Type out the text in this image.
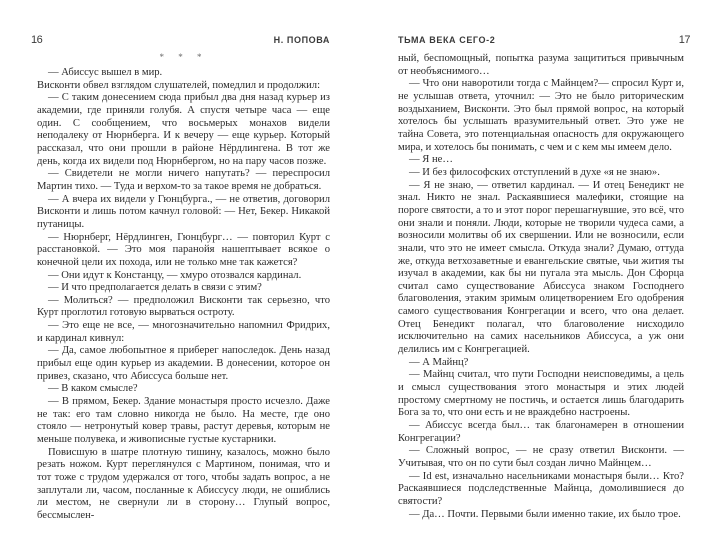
16	Н. ПОПОВА
* * *

— Абиссус вышел в мир.

Висконти обвел взглядом слушателей, помедлил и продолжил:

— С таким донесением сюда прибыл два дня назад курьер из академии, где приняли голубя. А спустя четыре часа — еще один. С сообщением, что восьмерых монахов видели неподалеку от Нюрнберга. И к вечеру — еще курьер. Который рассказал, что они прошли в районе Нёрдлингена. В тот же день, когда их видели под Нюрнбергом, но на пару часов позже.

— Свидетели не могли ничего напутать? — переспросил Мартин тихо. — Туда и верхом-то за такое время не добраться.

— А вчера их видели у Гюнцбурга., — не ответив, договорил Висконти и лишь потом качнул головой: — Нет, Бекер. Никакой путаницы.

— Нюрнберг, Нёрдлинген, Гюнцбург… — повторил Курт с расстановкой. — Это моя паранойя нашептывает всякое о конечной цели их похода, или не только мне так кажется?

— Они идут к Констанцу, — хмуро отозвался кардинал.

— И что предполагается делать в связи с этим?

— Молиться? — предположил Висконти так серьезно, что Курт проглотил готовую вырваться остроту.

— Это еще не все, — многозначительно напомнил Фридрих, и кардинал кивнул:

— Да, самое любопытное я приберег напоследок. День назад прибыл еще один курьер из академии. В донесении, которое он привез, сказано, что Абиссуса больше нет.

— В каком смысле?

— В прямом, Бекер. Здание монастыря просто исчезло. Даже не так: его там словно никогда не было. На месте, где оно стояло — нетронутый ковер травы, растут деревья, которым не меньше полувека, и живописные густые кустарники.

Повисшую в шатре плотную тишину, казалось, можно было резать ножом. Курт переглянулся с Мартином, понимая, что и тот тоже с трудом удержался от того, чтобы задать вопрос, а не заплутали ли, часом, посланные к Абиссусу люди, не ошиблись ли местом, не свернули ли в сторону… Глупый вопрос, бессмыслен-

ТЬМА ВЕКА СЕГО-2	17

ный, беспомощный, попытка разума защититься привычным от необъяснимого…

— Что они наворотили тогда с Майнцем?— спросил Курт и, не услышав ответа, уточнил: — Это не было риторическим воздыханием, Висконти. Это был прямой вопрос, на который хотелось бы услышать вразумительный ответ. Это уже не тайна Совета, это потенциальная опасность для окружающего мира, и хотелось бы понимать, с чем и с кем мы имеем дело.

— Я не…

— И без философских отступлений в духе «я не знаю».

— Я не знаю, — ответил кардинал. — И отец Бенедикт не знал. Никто не знал. Раскаявшиеся малефики, стоящие на пороге святости, а то и этот порог перешагнувшие, это всё, что они знали и поняли. Люди, которые не творили чудеса сами, а возносили молитвы об их свершении. Или не возносили, если знали, что это не имеет смысла. Откуда знали? Думаю, оттуда же, откуда ветхозаветные и евангельские святые, чьи жития ты изучал в академии, как бы ни пугала эта мысль. Дон Сфорца считал само существование Абиссуса знаком Господнего благоволения, этаким зримым олицетворением Его одобрения самого существования Конгрегации и всего, что она делает. Отец Бенедикт полагал, что благоволение нисходило исключительно на самих насельников Абиссуса, а уж они делились им с Конгрегацией.

— А Майнц?

— Майнц считал, что пути Господни неисповедимы, а цель и смысл существования этого монастыря и этих людей простому смертному не постичь, и остается лишь благодарить Бога за то, что они есть и не враждебно настроены.

— Абиссус всегда был… так благонамерен в отношении Конгрегации?

— Сложный вопрос, — не сразу ответил Висконти. — Учитывая, что он по сути был создан лично Майнцем…

— Id est, изначально насельниками монастыря были… Кто? Раскаявшиеся подследственные Майнца, домолившиеся до святости?

— Да… Почти. Первыми были именно такие, их было трое.
